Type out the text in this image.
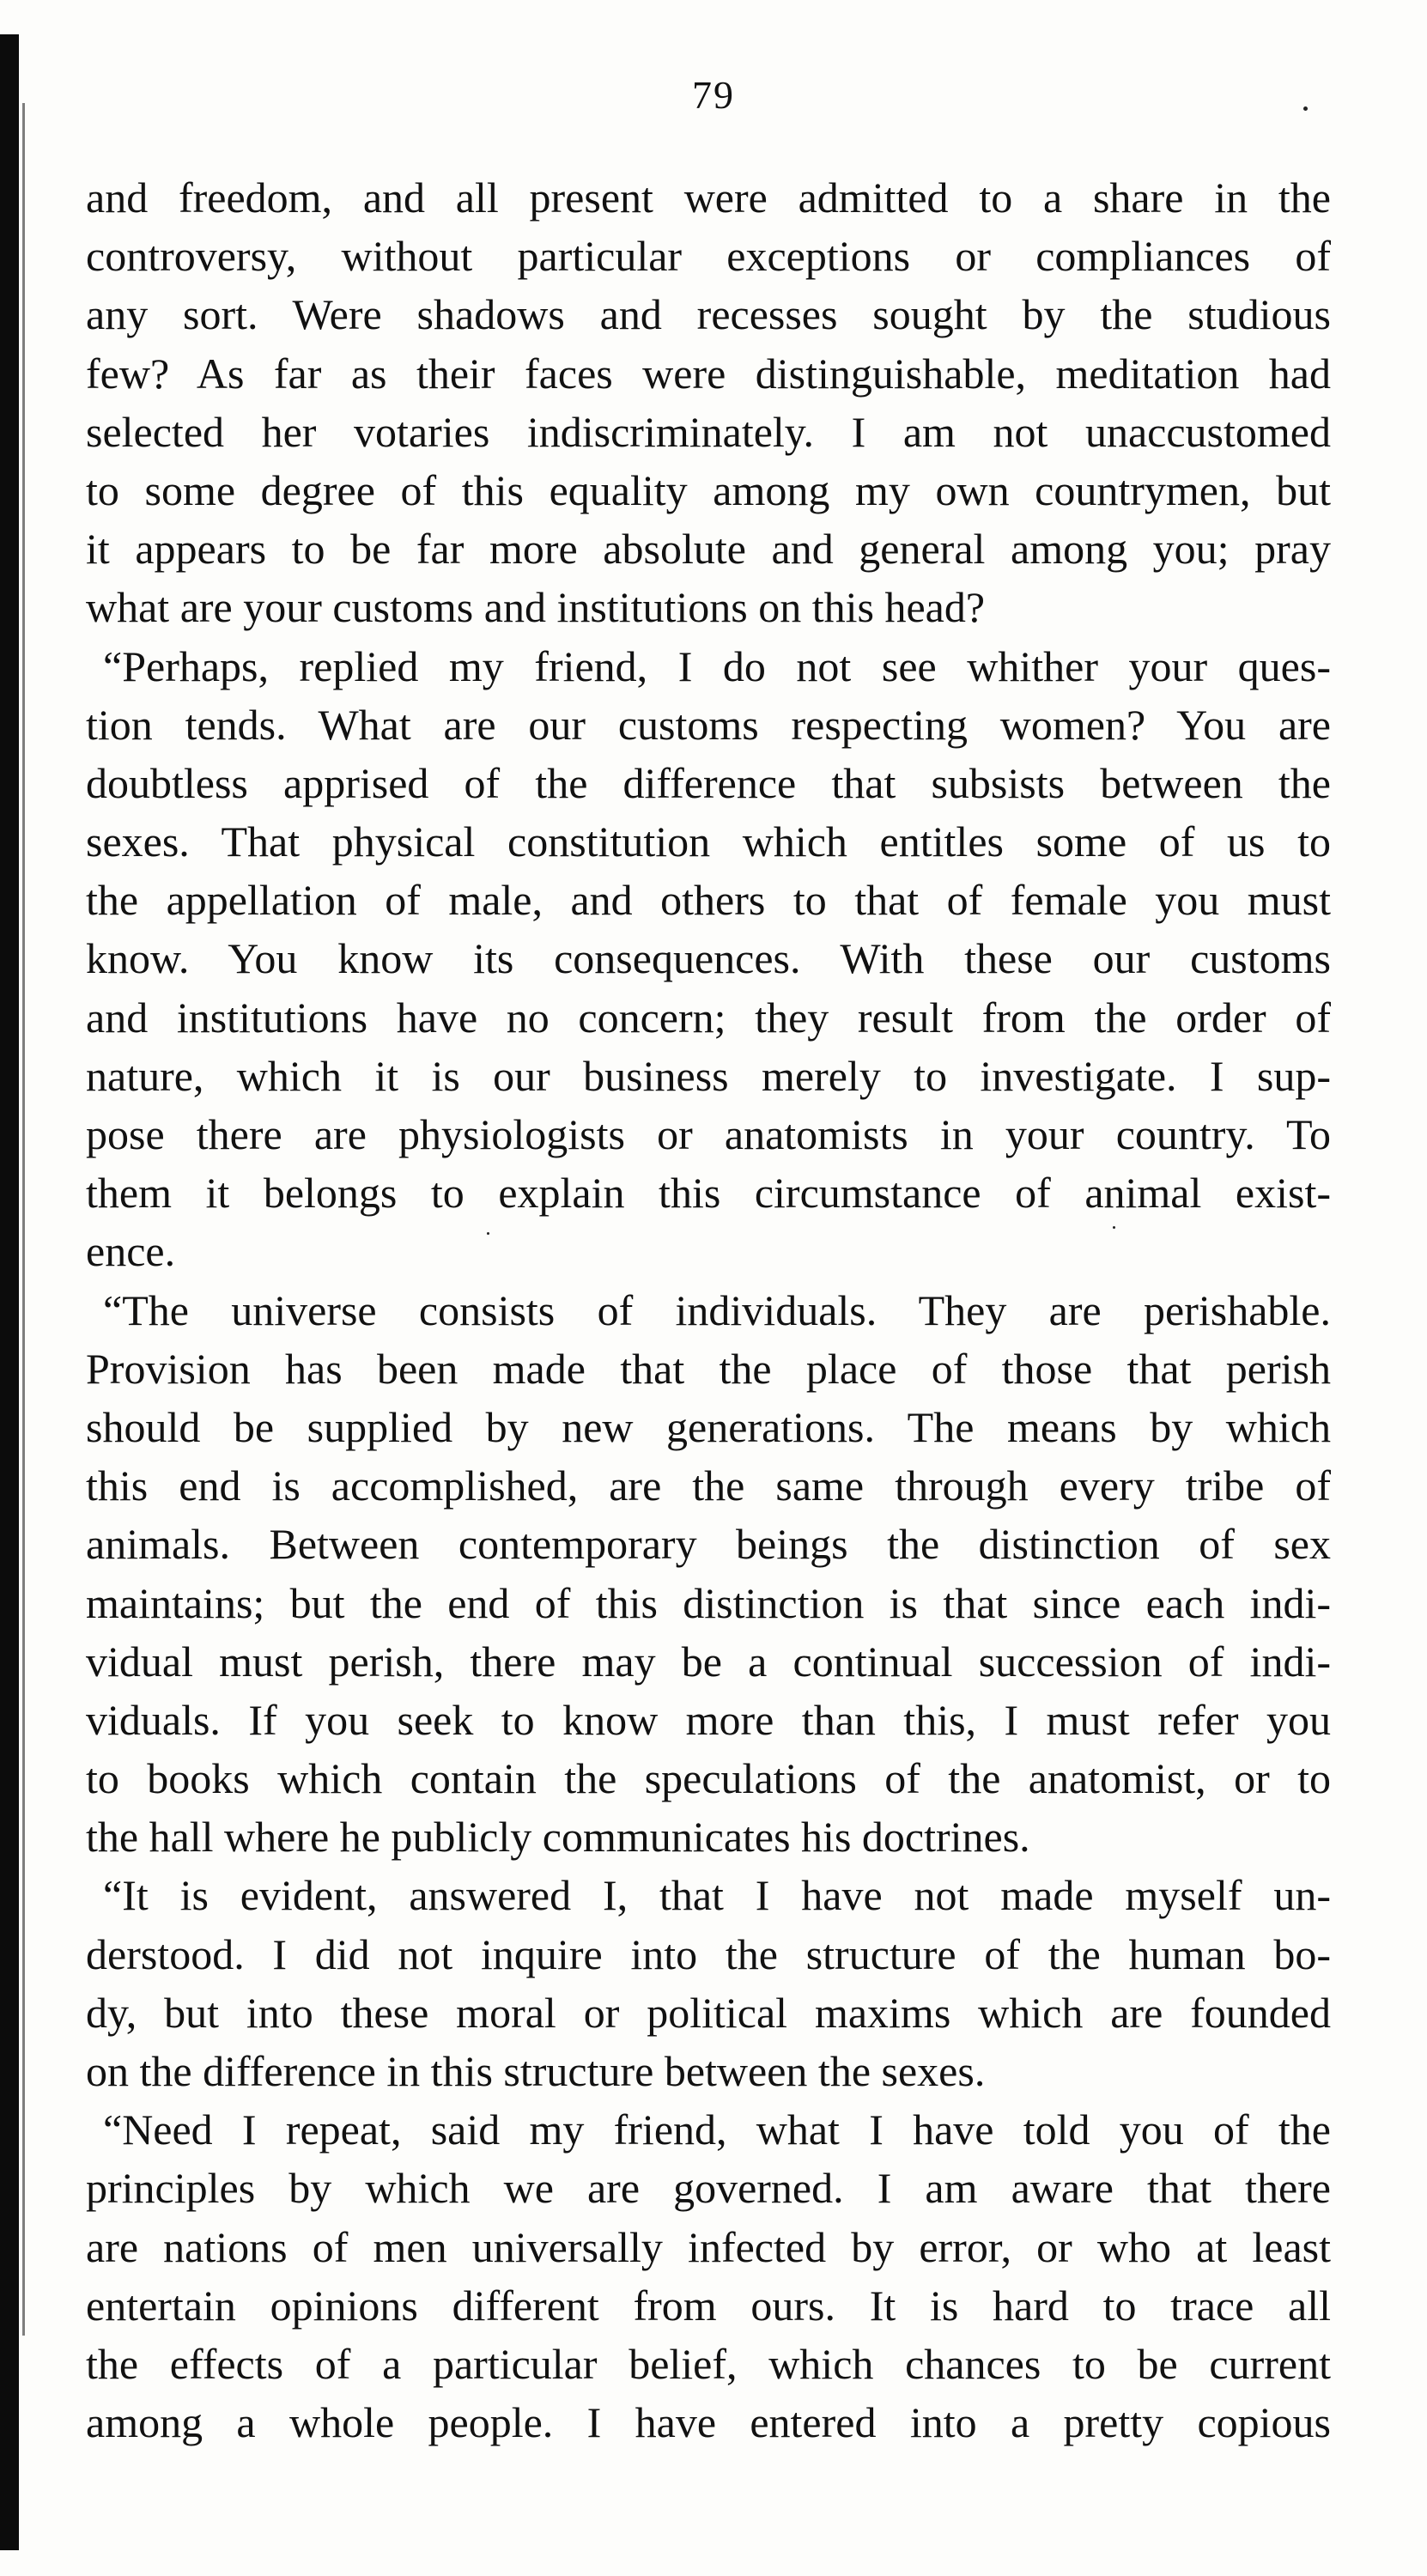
79
and freedom, and all present were admitted to a share in the
controversy, without particular exceptions or compliances of
any sort. Were shadows and recesses sought by the studious
few? As far as their faces were distinguishable, meditation had
selected her votaries indiscriminately. I am not unaccustomed
to some degree of this equality among my own countrymen, but
it appears to be far more absolute and general among you; pray
what are your customs and institutions on this head?
“Perhaps, replied my friend, I do not see whither your ques-
tion tends. What are our customs respecting women? You are
doubtless apprised of the difference that subsists between the
sexes. That physical constitution which entitles some of us to
the appellation of male, and others to that of female you must
know. You know its consequences. With these our customs
and institutions have no concern; they result from the order of
nature, which it is our business merely to investigate. I sup-
pose there are physiologists or anatomists in your country. To
them it belongs to explain this circumstance of animal exist-
ence.
“The universe consists of individuals. They are perishable.
Provision has been made that the place of those that perish
should be supplied by new generations. The means by which
this end is accomplished, are the same through every tribe of
animals. Between contemporary beings the distinction of sex
maintains; but the end of this distinction is that since each indi-
vidual must perish, there may be a continual succession of indi-
viduals. If you seek to know more than this, I must refer you
to books which contain the speculations of the anatomist, or to
the hall where he publicly communicates his doctrines.
“It is evident, answered I, that I have not made myself un-
derstood. I did not inquire into the structure of the human bo-
dy, but into these moral or political maxims which are founded
on the difference in this structure between the sexes.
“Need I repeat, said my friend, what I have told you of the
principles by which we are governed. I am aware that there
are nations of men universally infected by error, or who at least
entertain opinions different from ours. It is hard to trace all
the effects of a particular belief, which chances to be current
among a whole people. I have entered into a pretty copious
